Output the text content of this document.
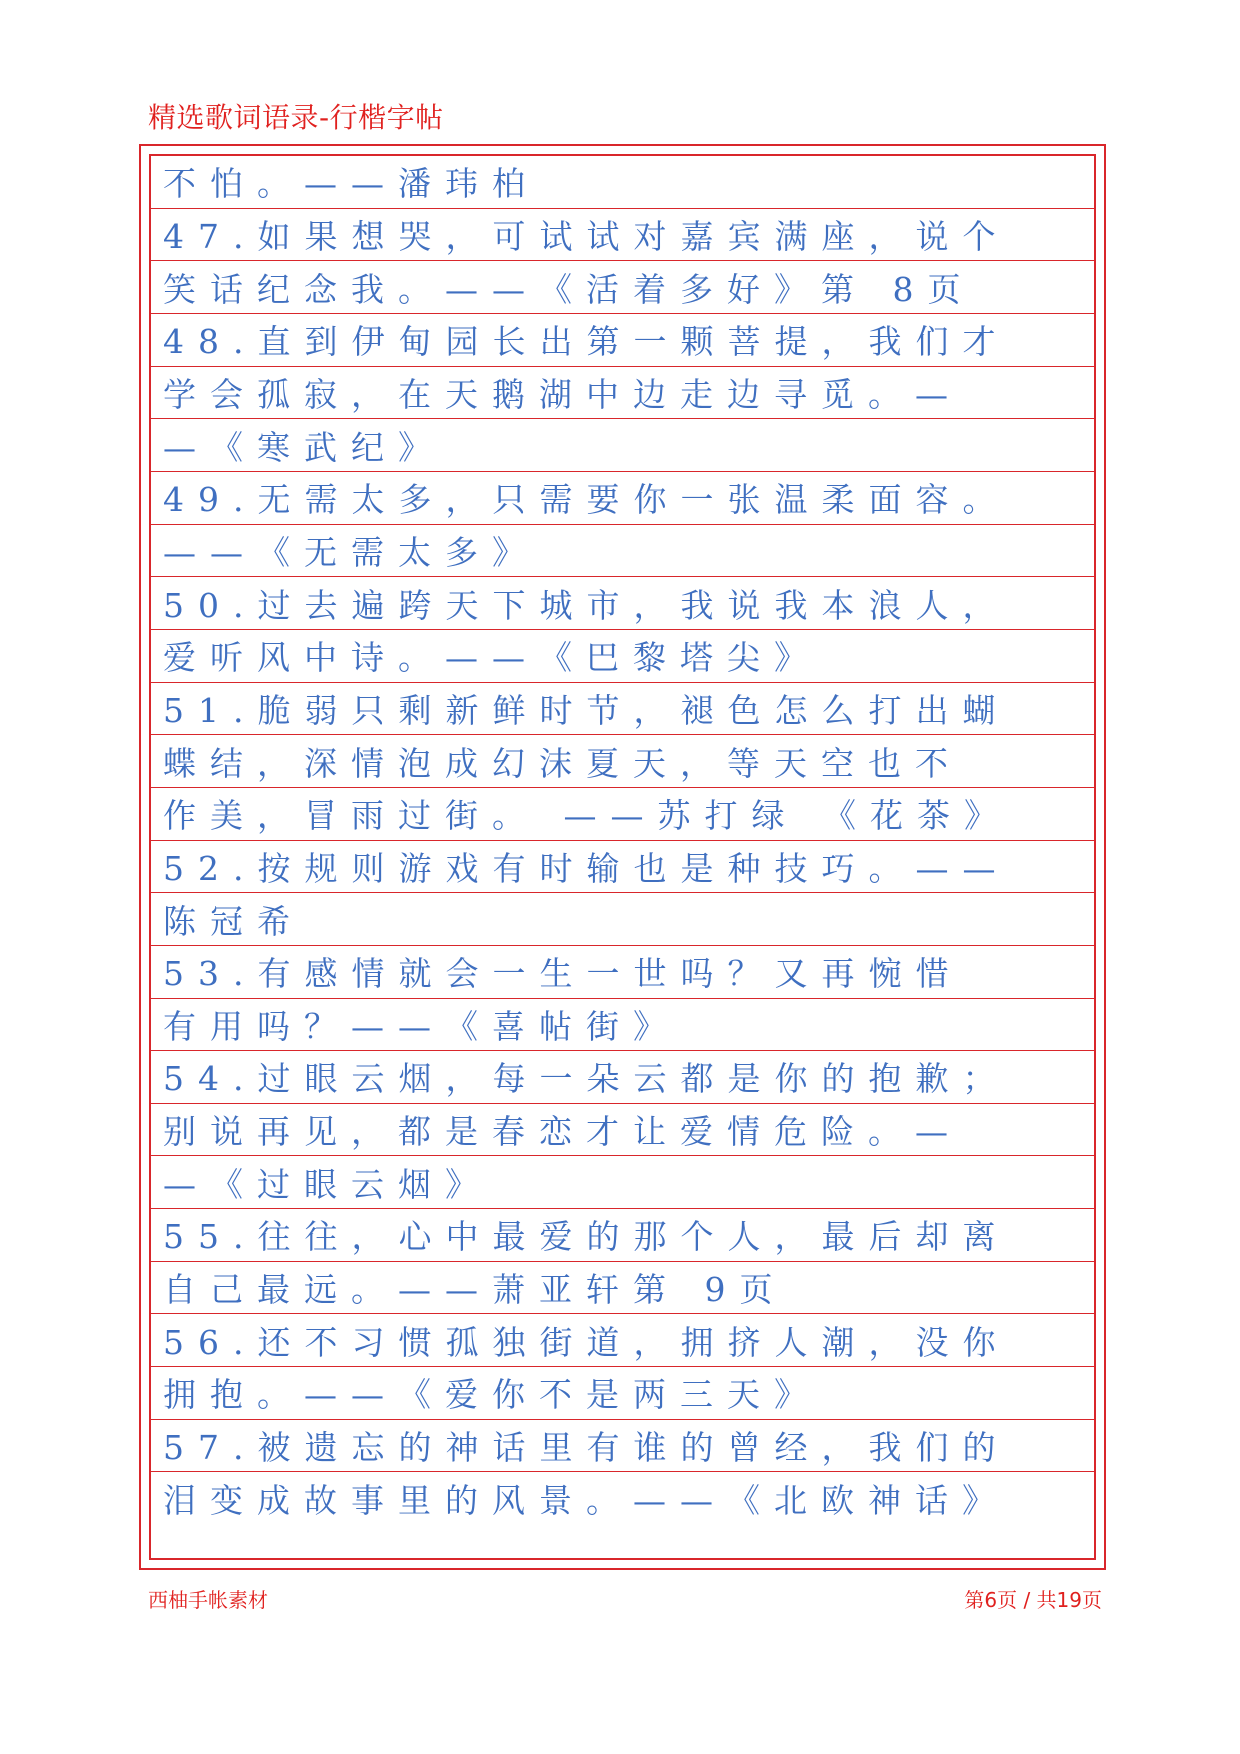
精选歌词语录-行楷字帖
不怕。——潘玮柏
47.如果想哭，可试试对嘉宾满座，说个
笑话纪念我。——《活着多好》第 8页
48.直到伊甸园长出第一颗菩提，我们才
学会孤寂，在天鹅湖中边走边寻觅。—
—《寒武纪》
49.无需太多，只需要你一张温柔面容。
——《无需太多》
50.过去遍跨天下城市，我说我本浪人，
爱听风中诗。——《巴黎塔尖》
51.脆弱只剩新鲜时节，褪色怎么打出蝴
蝶结，深情泡成幻沫夏天，等天空也不
作美，冒雨过街。 ——苏打绿 《花茶》
52.按规则游戏有时输也是种技巧。——
陈冠希
53.有感情就会一生一世吗？又再惋惜
有用吗？——《喜帖街》
54.过眼云烟，每一朵云都是你的抱歉；
别说再见，都是春恋才让爱情危险。—
—《过眼云烟》
55.往往，心中最爱的那个人，最后却离
自己最远。——萧亚轩第 9页
56.还不习惯孤独街道，拥挤人潮，没你
拥抱。——《爱你不是两三天》
57.被遗忘的神话里有谁的曾经，我们的
泪变成故事里的风景。——《北欧神话》
西柚手帐素材	第6页 / 共19页
